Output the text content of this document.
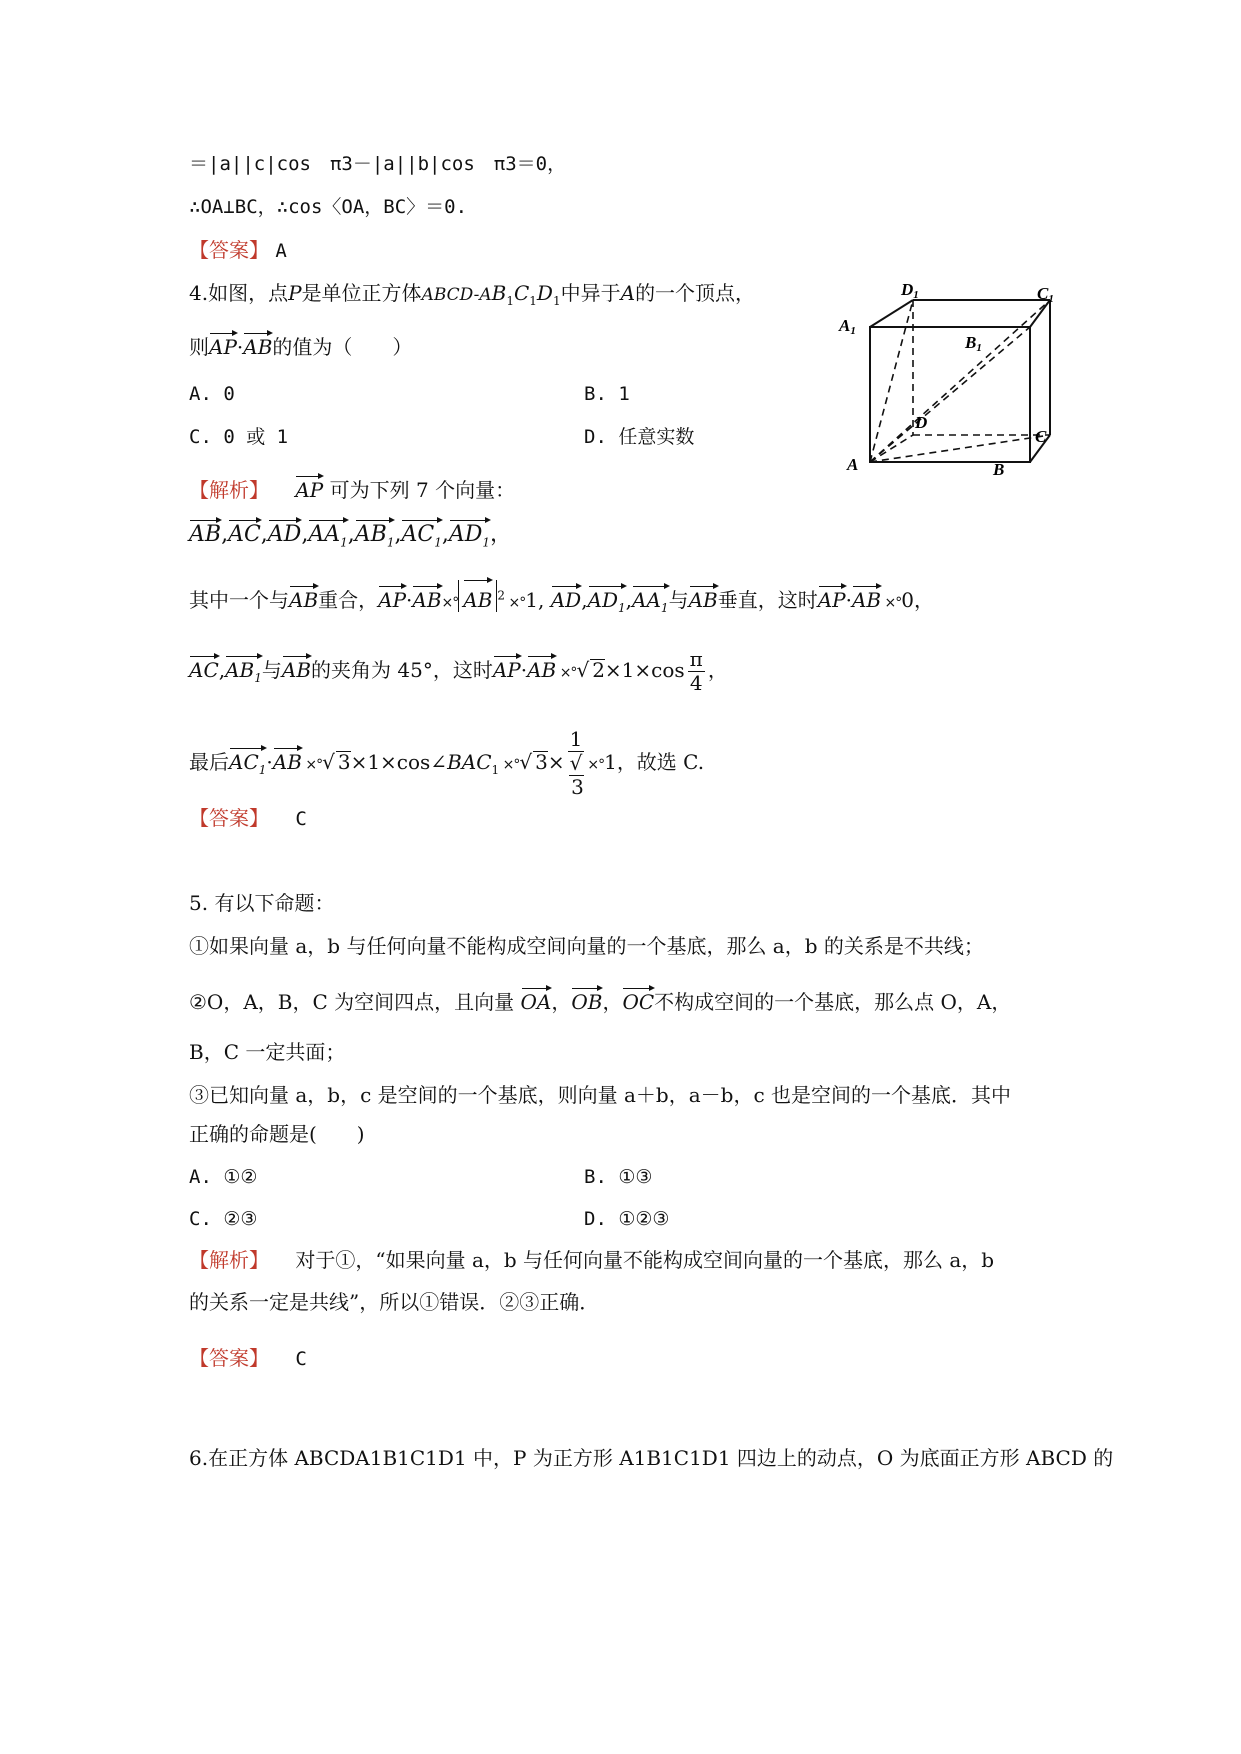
＝|a||c|cos　π3－|a||b|cos　π3＝0，
∴OA⊥BC，∴cos〈OA，BC〉＝0.
【答案】 A
4.如图，点P是单位正方体ABCD-$AB_1C_1D_1$中异于A的一个顶点，
则AP·AB的值为（　　）
A. 0	B. 1
C. 0 或 1	D. 任意实数
D1	C1
A1
B1
D
C
A	B
【解析】 AP 可为下列 7 个向量：
$AB,AC,AD,AA_1,AB_1,AC_1,AD_1$，
其中一个与AB重合，AP·AB×° AB $^2$ ×°1, $AD,AD_1,AA_1$与AB垂直，这时AP·AB ×°0，
$AC,AB_1$与AB的夹角为 45°，这时AP·AB ×°√ $2\times 1\times\cos \frac{\pi}{4}$ ，
最后$AC_1\cdot AB$ ×°√ $3\times 1\times\cos\angle BAC_1$ ×°√ 3× 1
√
3 ×°1，故选 C.
【答案】 C
5. 有以下命题：
①如果向量 a，b 与任何向量不能构成空间向量的一个基底，那么 a，b 的关系是不共线；
②O，A，B，C 为空间四点，且向量 OA，OB，OC不构成空间的一个基底，那么点 O，A，
B，C 一定共面；
③已知向量 a，b，c 是空间的一个基底，则向量 a＋b，a－b，c 也是空间的一个基底．其中
正确的命题是(　　)
A. ①②	B. ①③
C. ②③	D. ①②③
【解析】 对于①，“如果向量 a，b 与任何向量不能构成空间向量的一个基底，那么 a，b
的关系一定是共线”，所以①错误．②③正确．
【答案】 C
6.在正方体 ABCDA1B1C1D1 中，P 为正方形 A1B1C1D1 四边上的动点，O 为底面正方形 ABCD 的
